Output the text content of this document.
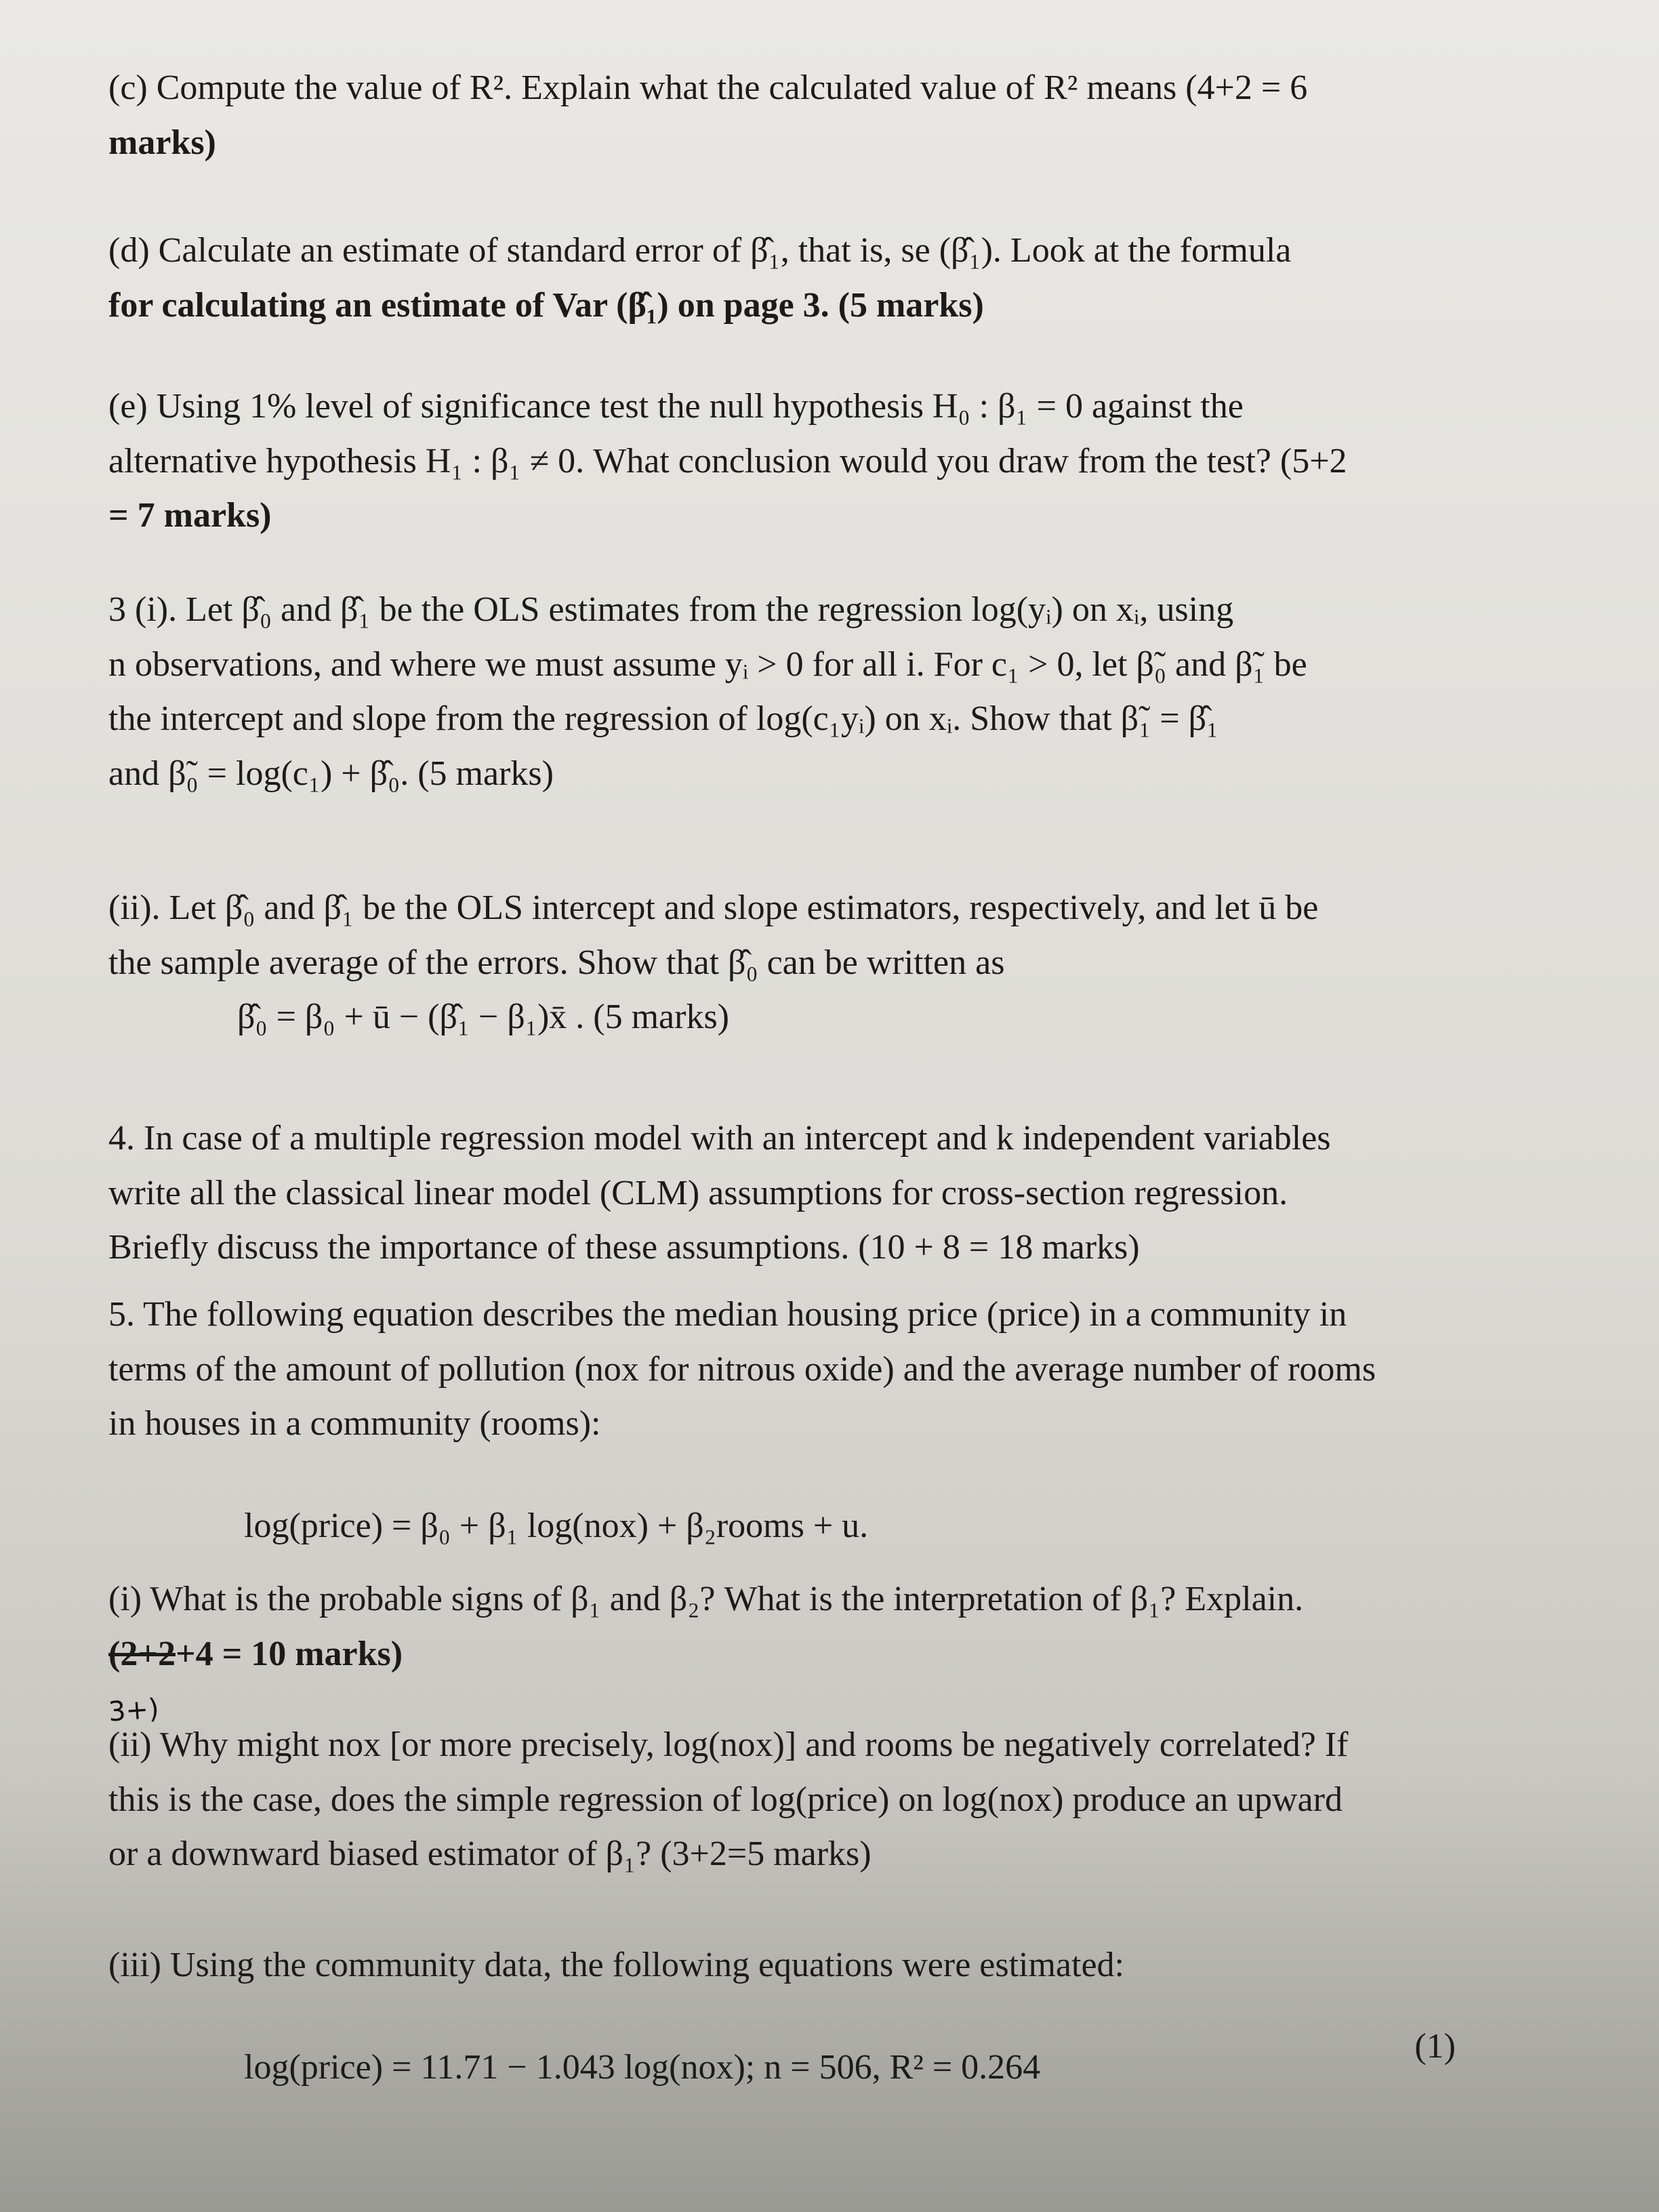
(c) Compute the value of R². Explain what the calculated value of R² means (4+2 = 6

marks)

(d) Calculate an estimate of standard error of β̂₁, that is, se (β̂₁). Look at the formula

for calculating an estimate of Var (β̂₁) on page 3. (5 marks)

(e) Using 1% level of significance test the null hypothesis H₀ : β₁ = 0 against the

alternative hypothesis H₁ : β₁ ≠ 0. What conclusion would you draw from the test? (5+2

= 7 marks)

3 (i). Let β̂₀ and β̂₁ be the OLS estimates from the regression log(yᵢ) on xᵢ, using

n observations, and where we must assume yᵢ > 0 for all i. For c₁ > 0, let β̃₀ and β̃₁ be

the intercept and slope from the regression of log(c₁yᵢ) on xᵢ. Show that β̃₁ = β̂₁

and β̃₀ = log(c₁) + β̂₀. (5 marks)

(ii). Let β̂₀ and β̂₁ be the OLS intercept and slope estimators, respectively, and let ū be

the sample average of the errors. Show that β̂₀ can be written as

β̂₀ = β₀ + ū − (β̂₁ − β₁)x̄ . (5 marks)

4. In case of a multiple regression model with an intercept and k independent variables

write all the classical linear model (CLM) assumptions for cross-section regression.

Briefly discuss the importance of these assumptions. (10 + 8 = 18 marks)

5. The following equation describes the median housing price (price) in a community in

terms of the amount of pollution (nox for nitrous oxide) and the average number of rooms

in houses in a community (rooms):

log(price) = β₀ + β₁ log(nox) + β₂rooms + u.

(i) What is the probable signs of β₁ and β₂? What is the interpretation of β₁? Explain.

(2+2+4 = 10 marks)

3+)

(ii) Why might nox [or more precisely, log(nox)] and rooms be negatively correlated? If

this is the case, does the simple regression of log(price) on log(nox) produce an upward

or a downward biased estimator of β₁? (3+2=5 marks)

(iii) Using the community data, the following equations were estimated:

log(price) = 11.71 − 1.043 log(nox); n = 506, R² = 0.264

(1)
